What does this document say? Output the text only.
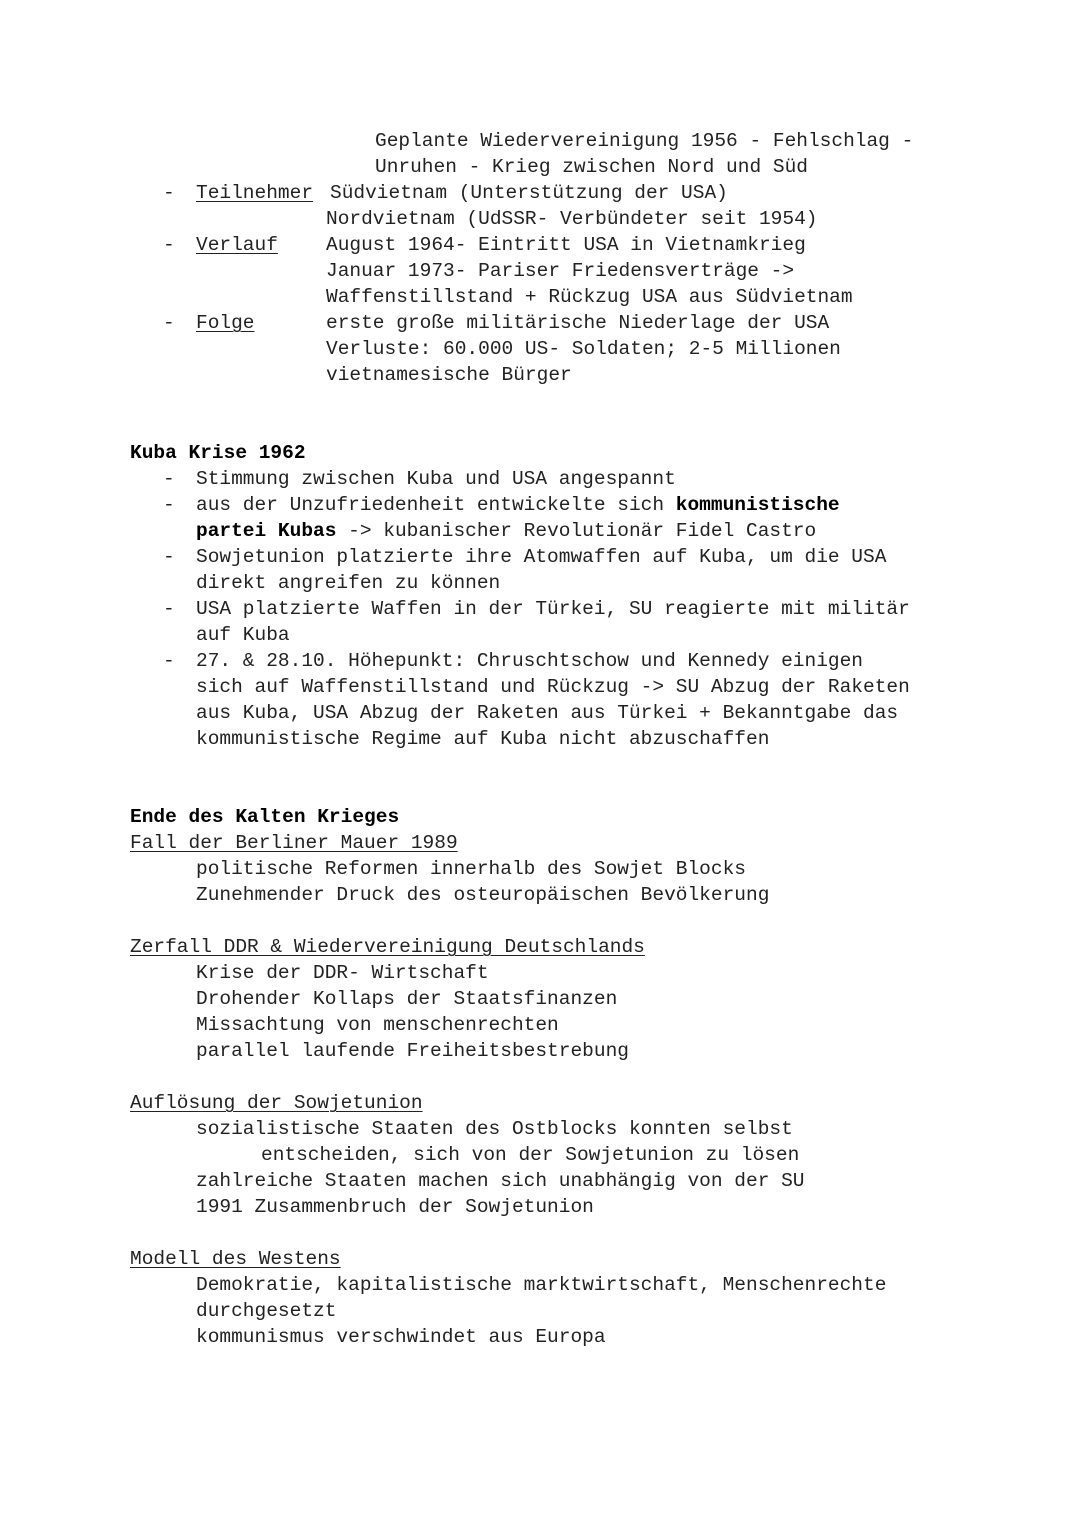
Geplante Wiedervereinigung 1956 - Fehlschlag -
Unruhen - Krieg zwischen Nord und Süd
- Teilnehmer Südvietnam (Unterstützung der USA)
Nordvietnam (UdSSR- Verbündeter seit 1954)
- Verlauf August 1964- Eintritt USA in Vietnamkrieg
Januar 1973- Pariser Friedensverträge ->
Waffenstillstand + Rückzug USA aus Südvietnam
- Folge	erste große militärische Niederlage der USA
Verluste: 60.000 US- Soldaten; 2-5 Millionen
vietnamesische Bürger
Kuba Krise 1962
- Stimmung zwischen Kuba und USA angespannt
- aus der Unzufriedenheit entwickelte sich kommunistische
partei Kubas -> kubanischer Revolutionär Fidel Castro
- Sowjetunion platzierte ihre Atomwaffen auf Kuba, um die USA
direkt angreifen zu können
- USA platzierte Waffen in der Türkei, SU reagierte mit militär
auf Kuba
- 27. & 28.10. Höhepunkt: Chruschtschow und Kennedy einigen
sich auf Waffenstillstand und Rückzug -> SU Abzug der Raketen
aus Kuba, USA Abzug der Raketen aus Türkei + Bekanntgabe das
kommunistische Regime auf Kuba nicht abzuschaffen
Ende des Kalten Krieges
Fall der Berliner Mauer 1989
politische Reformen innerhalb des Sowjet Blocks
Zunehmender Druck des osteuropäischen Bevölkerung
Zerfall DDR & Wiedervereinigung Deutschlands
Krise der DDR- Wirtschaft
Drohender Kollaps der Staatsfinanzen
Missachtung von menschenrechten
parallel laufende Freiheitsbestrebung
Auflösung der Sowjetunion
sozialistische Staaten des Ostblocks konnten selbst
entscheiden, sich von der Sowjetunion zu lösen
zahlreiche Staaten machen sich unabhängig von der SU
1991 Zusammenbruch der Sowjetunion
Modell des Westens
Demokratie, kapitalistische marktwirtschaft, Menschenrechte
durchgesetzt
kommunismus verschwindet aus Europa
